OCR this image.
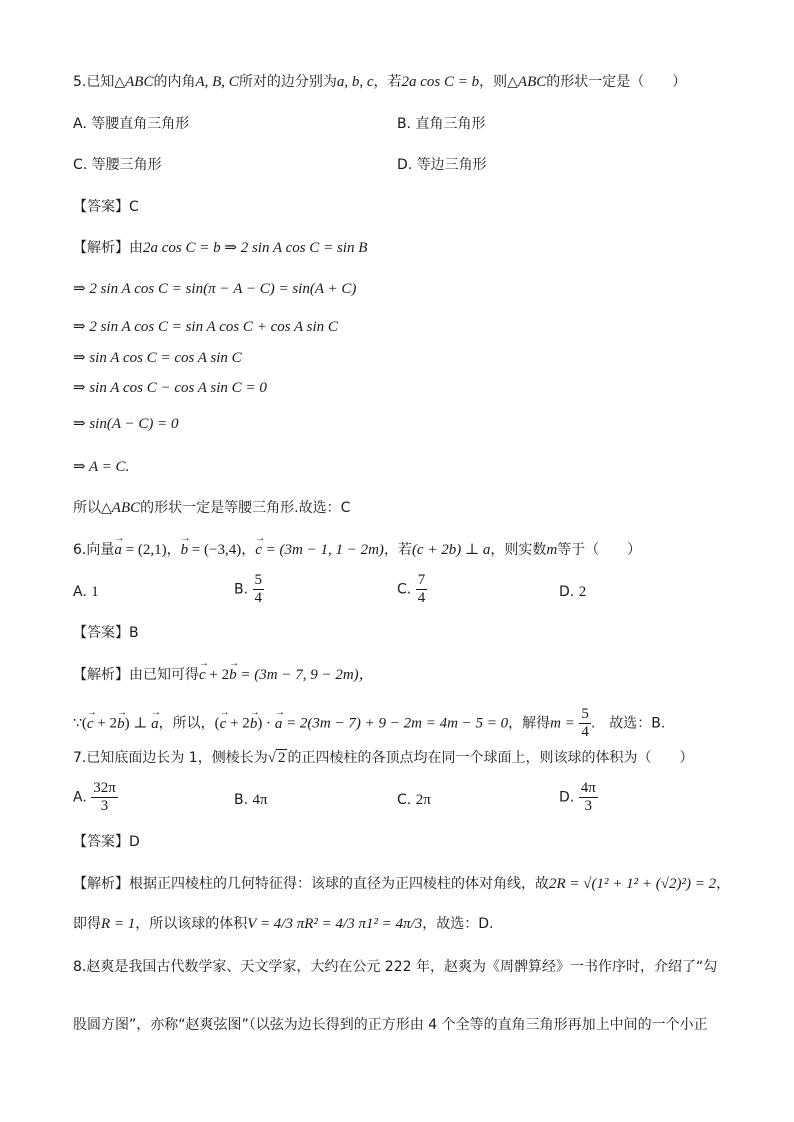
5.已知△ABC的内角A, B, C所对的边分别为a, b, c，若2a cos C = b，则△ABC的形状一定是（　　）
A. 等腰直角三角形	B. 直角三角形
C. 等腰三角形	D. 等边三角形
【答案】C
【解析】由2a cos C = b ⇒ 2 sin A cos C = sin B
⇒ 2 sin A cos C = sin(π − A − C) = sin(A + C)
⇒ 2 sin A cos C = sin A cos C + cos A sin C
⇒ sin A cos C = cos A sin C
⇒ sin A cos C − cos A sin C = 0
⇒ sin(A − C) = 0
⇒ A = C.
所以△ABC的形状一定是等腰三角形.故选：C
6.向量→ a = (2,1)，→ b = (−3,4)，→ c = (3m − 1, 1 − 2m)，若(c + 2b) ⊥ a，则实数m等于（　　）
A. 1	B. $\frac{5}{4}$	C. $\frac{7}{4}$	D. 2
【答案】B
【解析】由已知可得→ c + 2→ b = (3m − 7, 9 − 2m)，
∵(→ c + 2→ b) ⊥ → a，所以，(→ c + 2→ b) · → a = 2(3m − 7) + 9 − 2m = 4m − 5 = 0，解得$m = \frac{5}{4}$ .　故选：B.
7.已知底面边长为 1，侧棱长为√ 2 的正四棱柱的各顶点均在同一个球面上，则该球的体积为（　　）
A. $\frac{32\pi}{3}$	B. 4π	C. 2π	D. $\frac{4\pi}{3}$
【答案】D
【解析】根据正四棱柱的几何特征得：该球的直径为正四棱柱的体对角线，故2R = √(1² + 1² + (√2)²) = 2，
即得R = 1，所以该球的体积V = 4/3 πR² = 4/3 π1² = 4π/3，故选：D.
8.赵爽是我国古代数学家、天文学家，大约在公元 222 年，赵爽为《周髀算经》一书作序时，介绍了“勾
股圆方图”，亦称“赵爽弦图”（以弦为边长得到的正方形由 4 个全等的直角三角形再加上中间的一个小正
